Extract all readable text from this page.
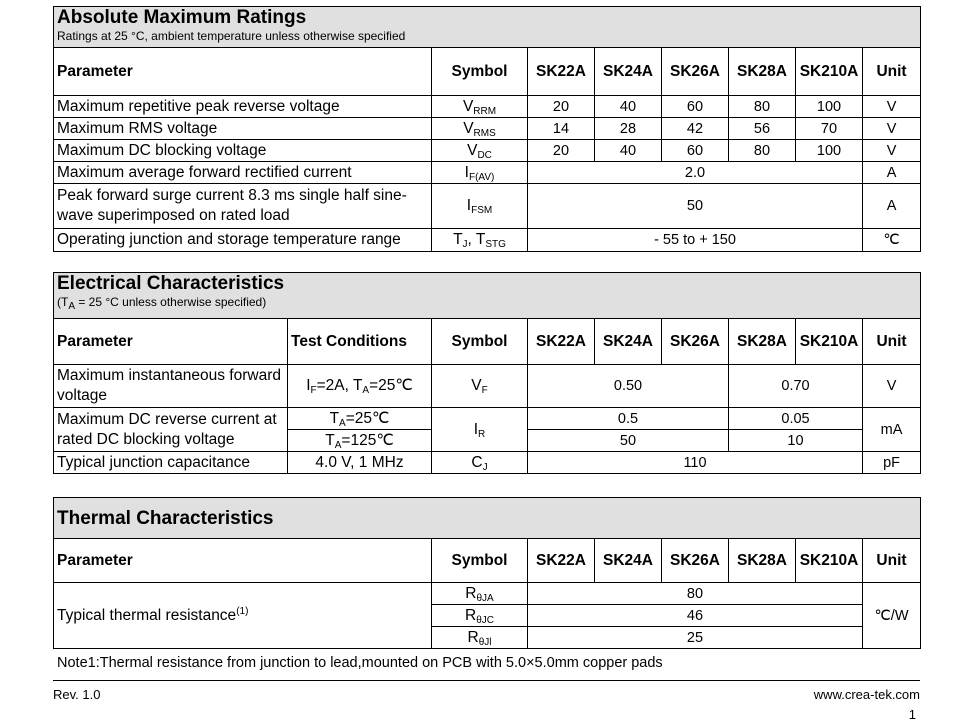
Absolute Maximum Ratings
Ratings at 25 °C, ambient temperature unless otherwise specified							

Parameter	Symbol	SK22A	SK24A	SK26A	SK28A	SK210A	Unit
Maximum repetitive peak reverse voltage	$V_{RRM}$	20	40	60	80	100	V
Maximum RMS voltage	$V_{RMS}$	14	28	42	56	70	V
Maximum DC blocking voltage	$V_{DC}$	20	40	60	80	100	V
Maximum average forward rectified current	$I_{F(AV)}$	2.0					A
Peak forward surge current 8.3 ms single half sine-wave superimposed on rated load	$I_{FSM}$	50					A
Operating junction and storage temperature range	$T_J$, $T_{STG}$	- 55 to + 150					℃
Electrical Characteristics
($T_A = 25$ °C unless otherwise specified)								

Parameter	Test Conditions	Symbol	SK22A	SK24A	SK26A	SK28A	SK210A	Unit
Maximum instantaneous forward voltage	$I_F=2A$, $T_A=25℃$	$V_F$	0.50			0.70		V
Maximum DC reverse current at rated DC blocking voltage	$T_A=25℃$	$I_R$	0.5			0.05		mA
	$T_A=125℃$		50			10		
Typical junction capacitance	4.0 V, 1 MHz	$C_J$	110					pF
Thermal Characteristics							
Parameter	Symbol	SK22A	SK24A	SK26A	SK28A	SK210A	Unit
Typical thermal resistance$^{(1)}$	$R_{\theta JA}$	80					℃/W
	$R_{\theta JC}$	46					
	$R_{\theta Jl}$	25					
Note1:Thermal resistance from junction to lead,mounted on PCB with 5.0×5.0mm copper pads
Rev. 1.0	www.crea-tek.com
1
